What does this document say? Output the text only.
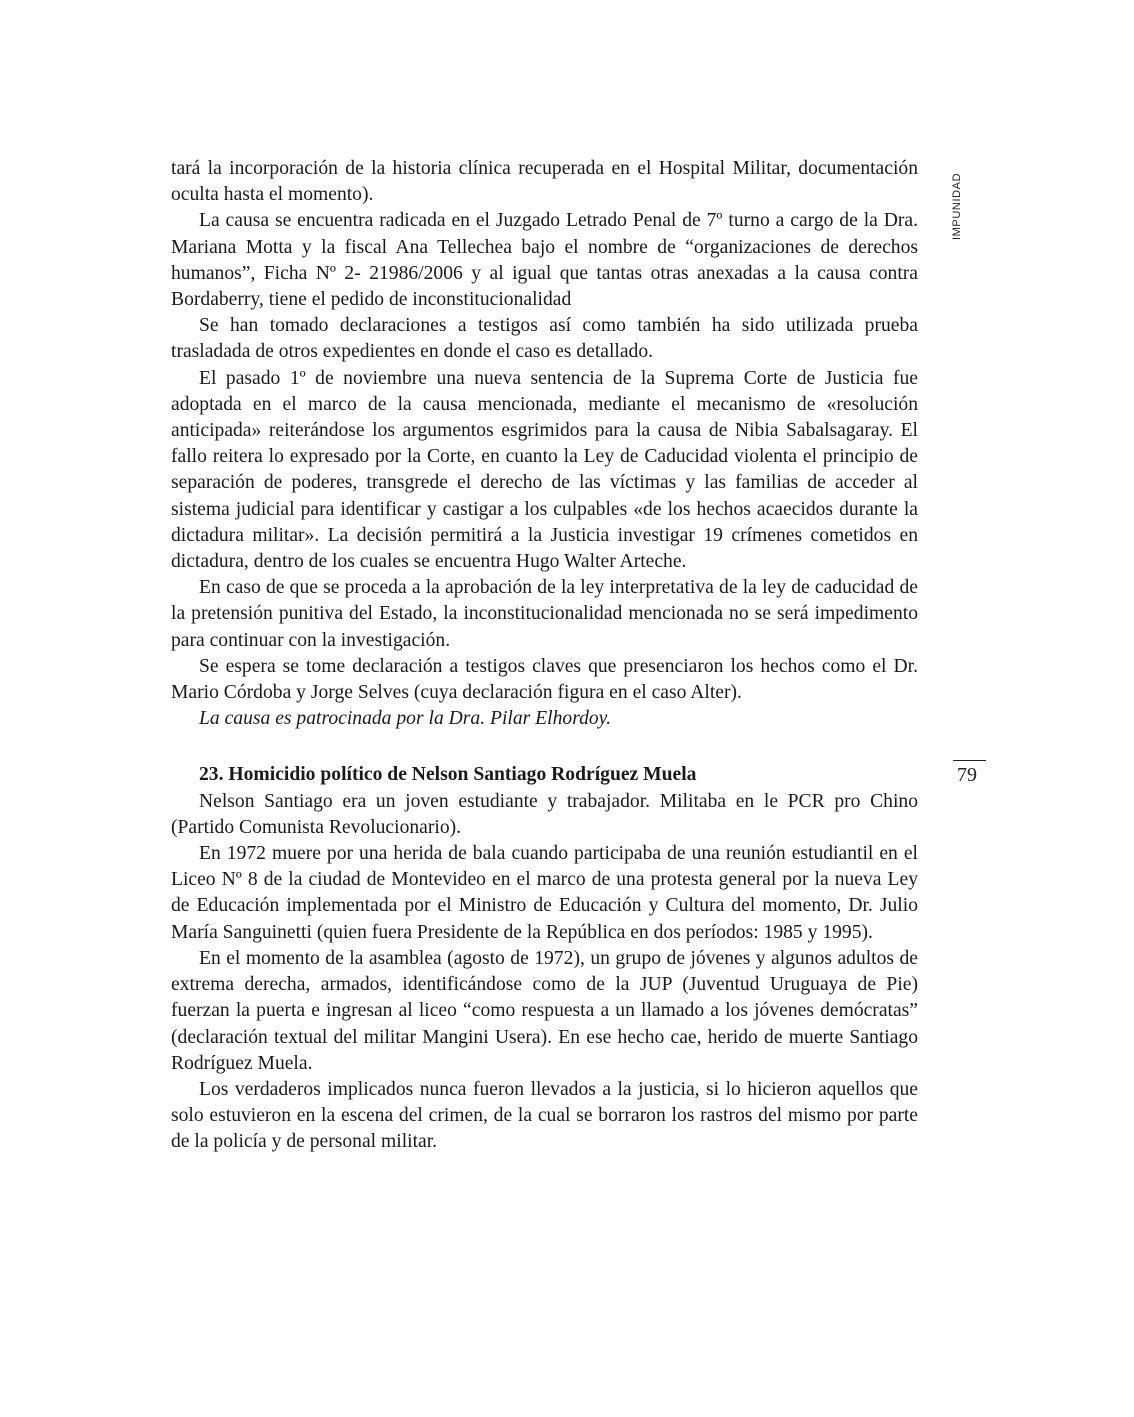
IMPUNIDAD
79

tará la incorporación de la historia clínica recuperada en el Hospital Militar, documentación oculta hasta el momento).

La causa se encuentra radicada en el Juzgado Letrado Penal de 7º turno a cargo de la Dra. Mariana Motta y la fiscal Ana Tellechea bajo el nombre de “organizaciones de derechos humanos”, Ficha Nº 2- 21986/2006 y al igual que tantas otras anexadas a la causa contra Bordaberry, tiene el pedido de inconstitucionalidad

Se han tomado declaraciones a testigos así como también ha sido utilizada prueba trasladada de otros expedientes en donde el caso es detallado.

El pasado 1º de noviembre una nueva sentencia de la Suprema Corte de Justicia fue adoptada en el marco de la causa mencionada, mediante el mecanismo de «resolución anticipada» reiterándose los argumentos esgrimidos para la causa de Nibia Sabalsagaray. El fallo reitera lo expresado por la Corte, en cuanto la Ley de Caducidad violenta el principio de separación de poderes, transgrede el derecho de las víctimas y las familias de acceder al sistema judicial para identificar y castigar a los culpables «de los hechos acaecidos durante la dictadura militar». La decisión permitirá a la Justicia investigar 19 crímenes cometidos en dictadura, dentro de los cuales se encuentra Hugo Walter Arteche.

En caso de que se proceda a la aprobación de la ley interpretativa de la ley de caducidad de la pretensión punitiva del Estado, la inconstitucionalidad mencionada no se será impedimento para continuar con la investigación.

Se espera se tome declaración a testigos claves que presenciaron los hechos como el Dr. Mario Córdoba y Jorge Selves (cuya declaración figura en el caso Alter).

La causa es patrocinada por la Dra. Pilar Elhordoy.

23. Homicidio político de Nelson Santiago Rodríguez Muela

Nelson Santiago era un joven estudiante y trabajador. Militaba en le PCR pro Chino (Partido Comunista Revolucionario).

En 1972 muere por una herida de bala cuando participaba de una reunión estudiantil en el Liceo Nº 8 de la ciudad de Montevideo en el marco de una protesta general por la nueva Ley de Educación implementada por el Ministro de Educación y Cultura del momento, Dr. Julio María Sanguinetti (quien fuera Presidente de la República en dos períodos: 1985 y 1995).

En el momento de la asamblea (agosto de 1972), un grupo de jóvenes y algunos adultos de extrema derecha, armados, identificándose como de la JUP (Juventud Uruguaya de Pie) fuerzan la puerta e ingresan al liceo “como respuesta a un llamado a los jóvenes demócratas” (declaración textual del militar Mangini Usera). En ese hecho cae, herido de muerte Santiago Rodríguez Muela.

Los verdaderos implicados nunca fueron llevados a la justicia, si lo hicieron aquellos que solo estuvieron en la escena del crimen, de la cual se borraron los rastros del mismo por parte de la policía y de personal militar.
